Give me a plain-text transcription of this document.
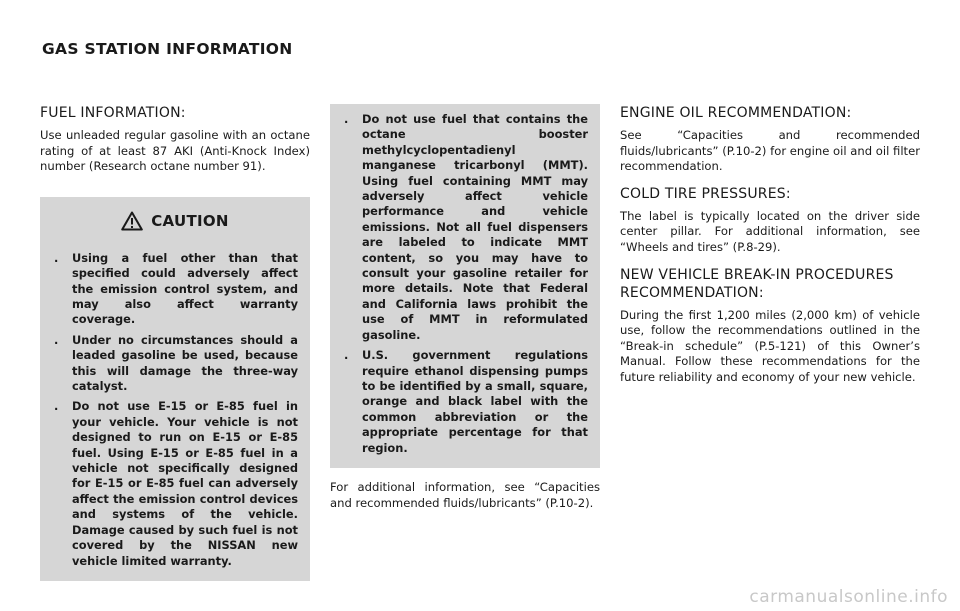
GAS STATION INFORMATION
FUEL INFORMATION:

Use unleaded regular gasoline with an octane rating of at least 87 AKI (Anti-Knock Index) number (Research octane number 91).

CAUTION
.	Using a fuel other than that specified could adversely affect the emission control system, and may also affect warranty coverage.
.	Under no circumstances should a leaded gasoline be used, because this will damage the three-way catalyst.
.	Do not use E-15 or E-85 fuel in your vehicle. Your vehicle is not designed to run on E-15 or E-85 fuel. Using E-15 or E-85 fuel in a vehicle not specifically designed for E-15 or E-85 fuel can adversely affect the emission control devices and systems of the vehicle. Damage caused by such fuel is not covered by the NISSAN new vehicle limited warranty.
.	Do not use fuel that contains the octane booster methylcyclopentadienyl manganese tricarbonyl (MMT). Using fuel containing MMT may adversely affect vehicle performance and vehicle emissions. Not all fuel dispensers are labeled to indicate MMT content, so you may have to consult your gasoline retailer for more details. Note that Federal and California laws prohibit the use of MMT in reformulated gasoline.
.	U.S. government regulations require ethanol dispensing pumps to be identified by a small, square, orange and black label with the common abbreviation or the appropriate percentage for that region.

For additional information, see “Capacities and recommended fluids/lubricants” (P.10-2).

ENGINE OIL RECOMMENDATION:

See “Capacities and recommended fluids/lubricants” (P.10-2) for engine oil and oil filter recommendation.

COLD TIRE PRESSURES:

The label is typically located on the driver side center pillar. For additional information, see “Wheels and tires” (P.8-29).

NEW VEHICLE BREAK-IN PROCEDURES RECOMMENDATION:

During the first 1,200 miles (2,000 km) of vehicle use, follow the recommendations outlined in the “Break-in schedule” (P.5-121) of this Owner’s Manual. Follow these recommendations for the future reliability and economy of your new vehicle.

carmanualsonline.info
